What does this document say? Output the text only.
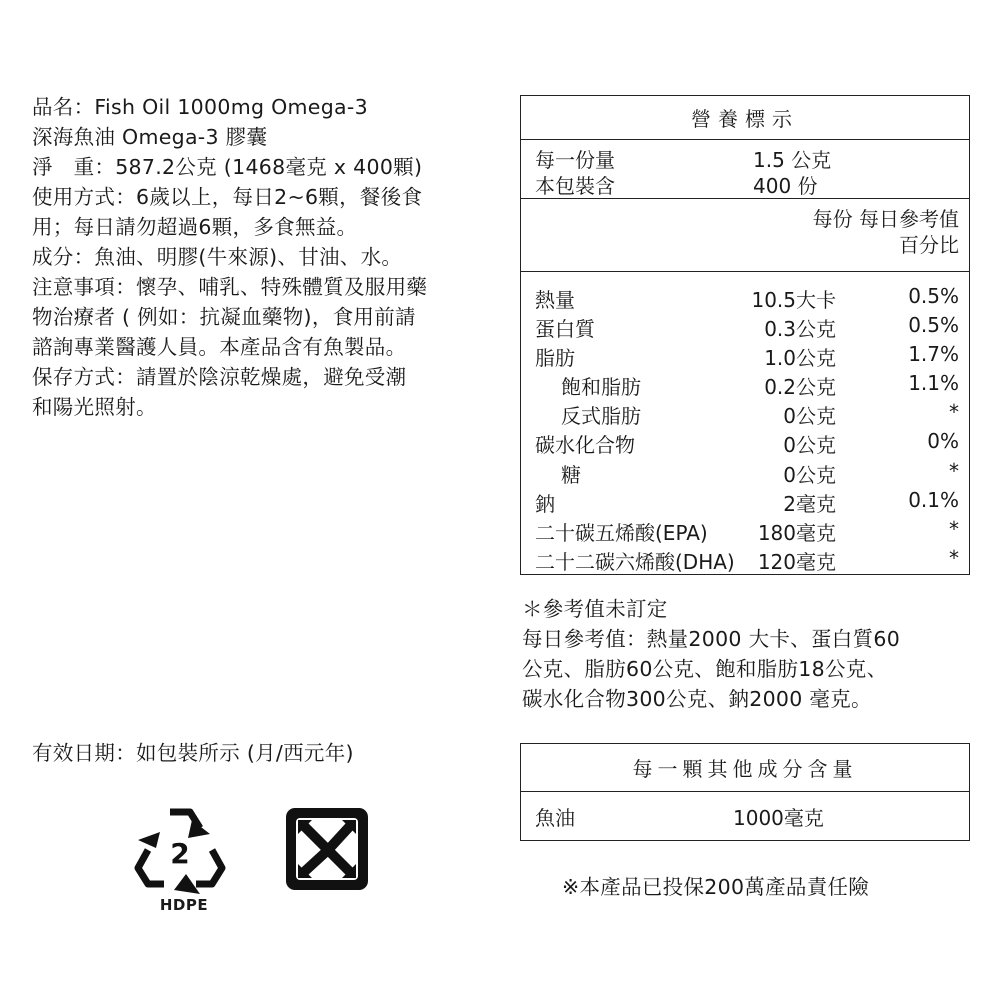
品名：Fish Oil 1000mg Omega-3

深海魚油 Omega-3 膠囊

淨　重：587.2公克 (1468毫克 x 400顆)

使用方式：6歲以上，每日2~6顆，餐後食

用；每日請勿超過6顆，多食無益。

成分：魚油、明膠(牛來源)、甘油、水。

注意事項：懷孕、哺乳、特殊體質及服用藥

物治療者 ( 例如：抗凝血藥物)，食用前請

諮詢專業醫護人員。本產品含有魚製品。

保存方式：請置於陰涼乾燥處，避免受潮

和陽光照射。

有效日期：如包裝所示 (月/西元年)
2
HDPE
營養標示
每一份量	1.5 公克
本包裝含	400 份
每份 每日參考值
百分比
熱量	10.5大卡	0.5%
蛋白質	0.3公克	0.5%
脂肪	1.0公克	1.7%
飽和脂肪	0.2公克	1.1%
反式脂肪	0公克	*
碳水化合物	0公克	0%
糖	0公克	*
鈉	2毫克	0.1%
二十碳五烯酸(EPA)	180毫克	*
二十二碳六烯酸(DHA) 120毫克	*

＊參考值未訂定

每日參考值：熱量2000 大卡、蛋白質60

公克、脂肪60公克、飽和脂肪18公克、

碳水化合物300公克、鈉2000 毫克。

每一顆其他成分含量
魚油	1000毫克
※本產品已投保200萬產品責任險
